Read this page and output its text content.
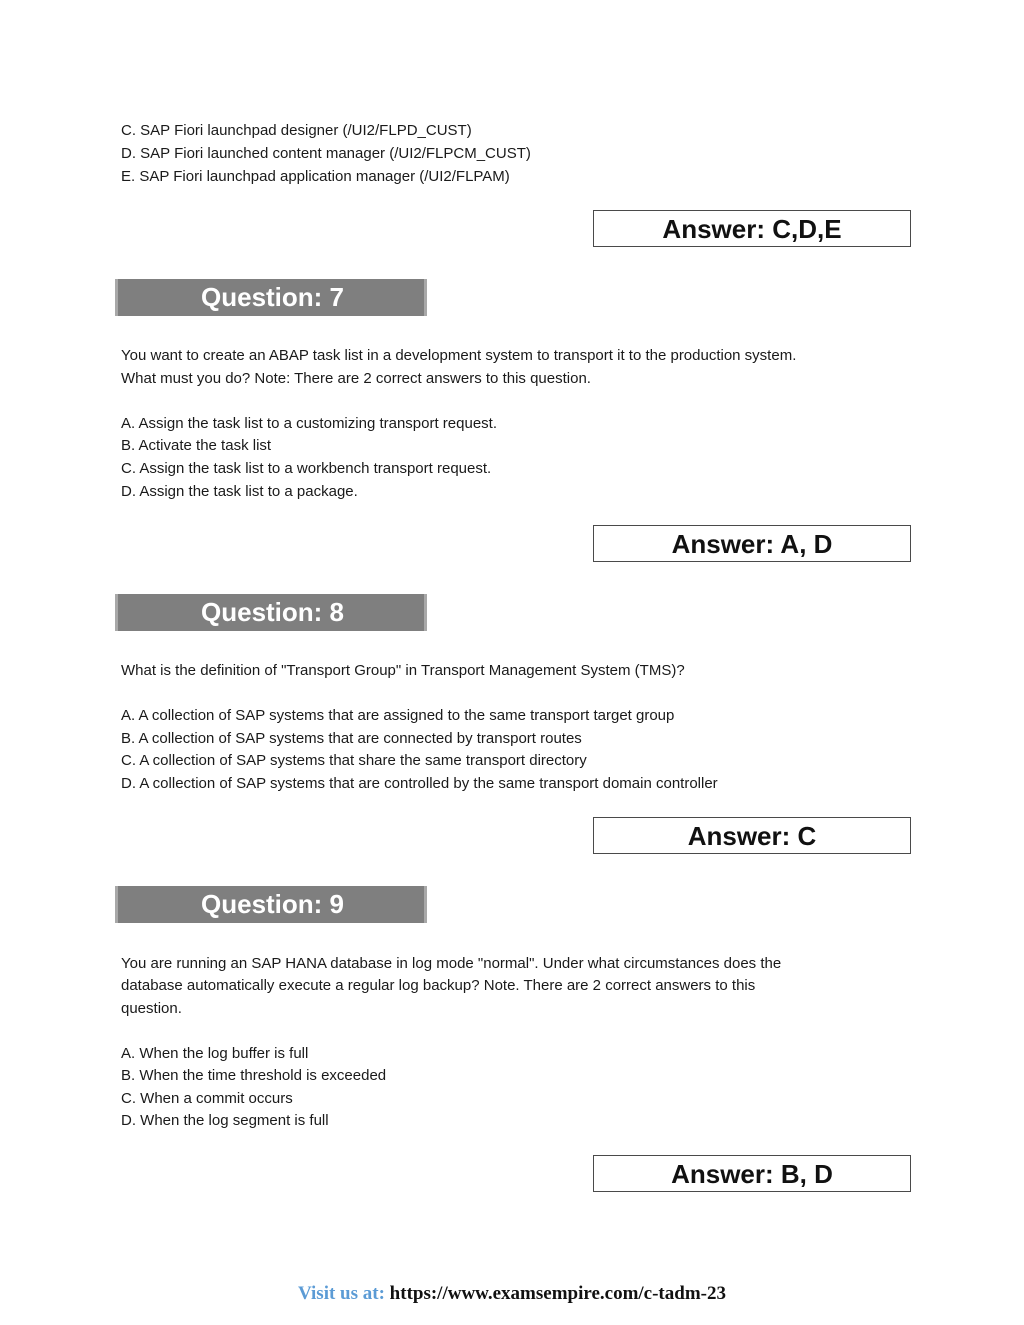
C. SAP Fiori launchpad designer (/UI2/FLPD_CUST)
D. SAP Fiori launched content manager (/UI2/FLPCM_CUST)
E. SAP Fiori launchpad application manager (/UI2/FLPAM)
Answer: C,D,E
Question: 7
You want to create an ABAP task list in a development system to transport it to the production system.
What must you do? Note: There are 2 correct answers to this question.
A. Assign the task list to a customizing transport request.
B. Activate the task list
C. Assign the task list to a workbench transport request.
D. Assign the task list to a package.
Answer: A, D
Question: 8
What is the definition of "Transport Group" in Transport Management System (TMS)?
A. A collection of SAP systems that are assigned to the same transport target group
B. A collection of SAP systems that are connected by transport routes
C. A collection of SAP systems that share the same transport directory
D. A collection of SAP systems that are controlled by the same transport domain controller
Answer: C
Question: 9
You are running an SAP HANA database in log mode "normal". Under what circumstances does the
database automatically execute a regular log backup? Note. There are 2 correct answers to this
question.
A. When the log buffer is full
B. When the time threshold is exceeded
C. When a commit occurs
D. When the log segment is full
Answer: B, D
Visit us at: https://www.examsempire.com/c-tadm-23
